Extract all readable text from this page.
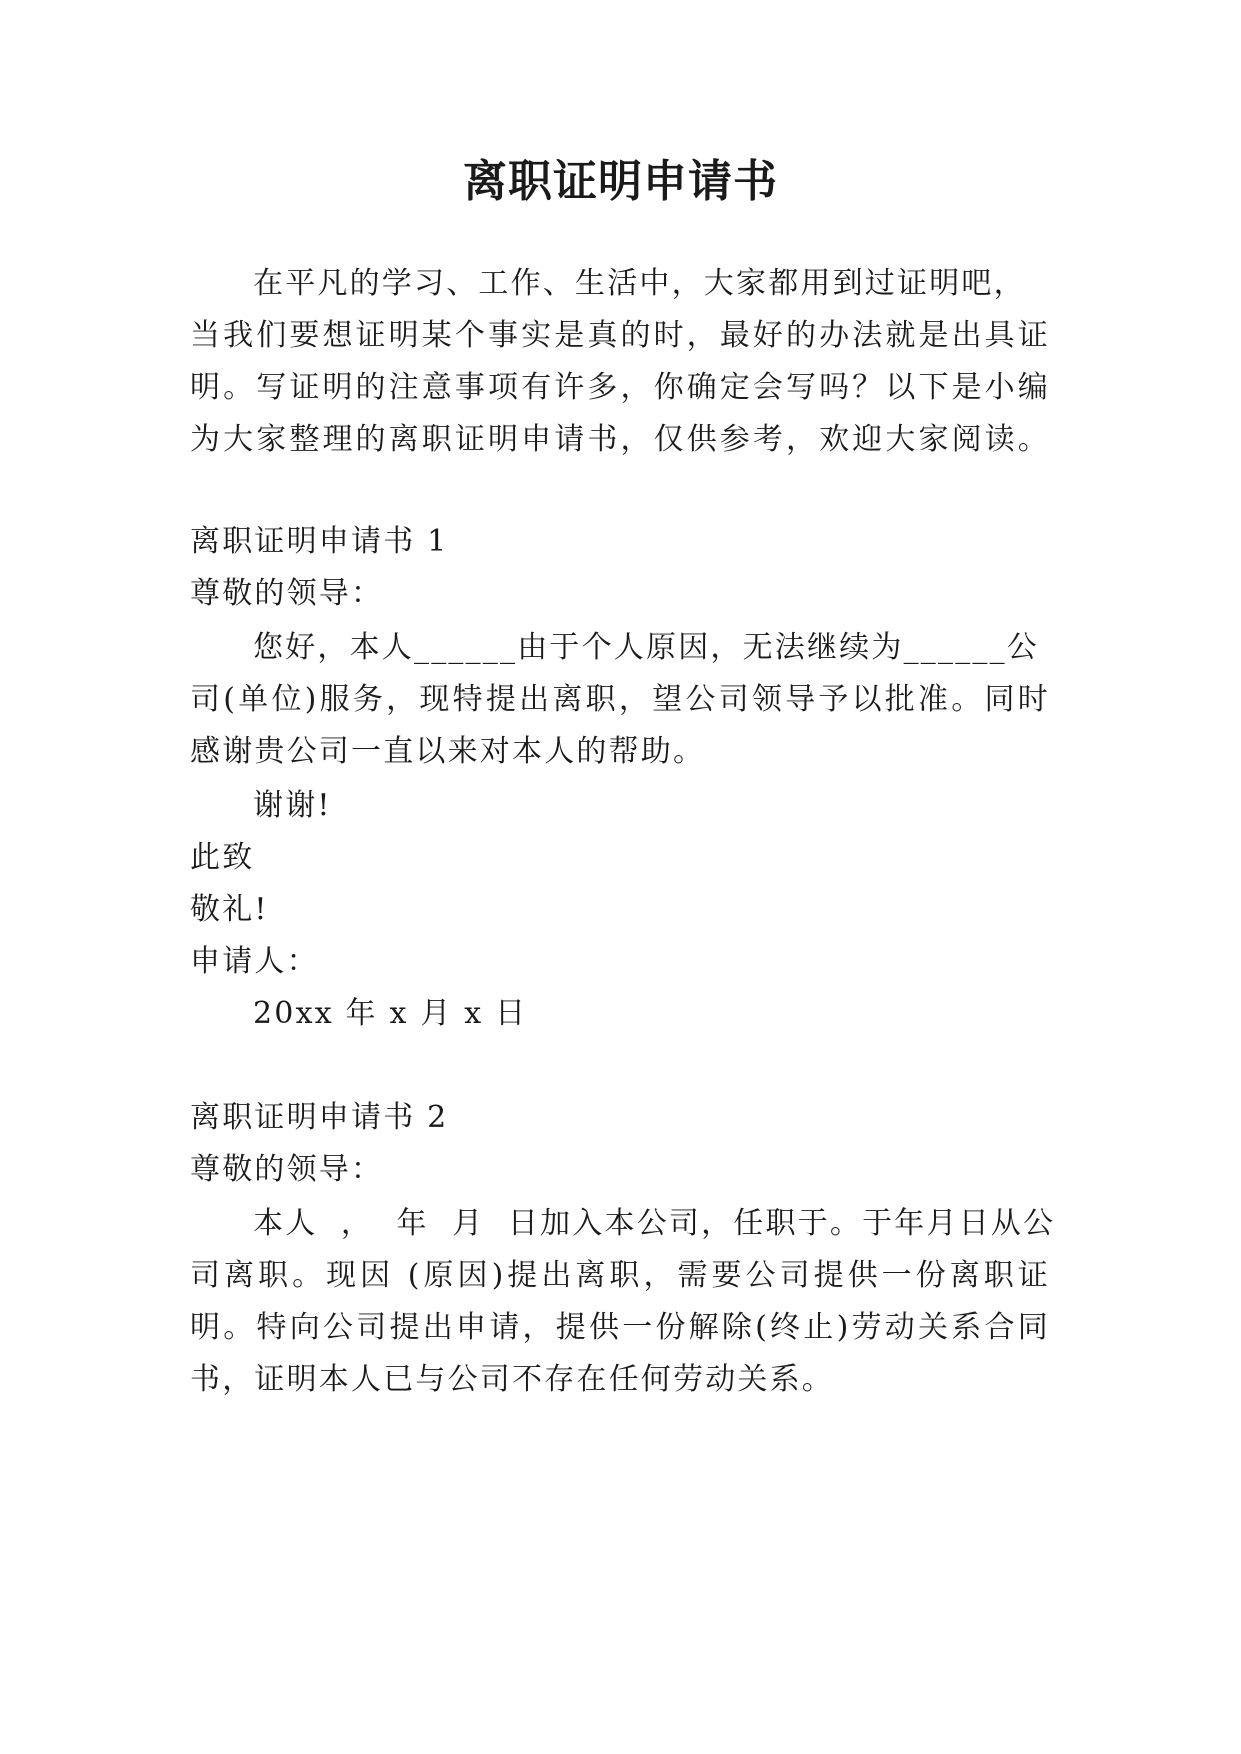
离职证明申请书
在平凡的学习、工作、生活中，大家都用到过证明吧，
当我们要想证明某个事实是真的时，最好的办法就是出具证
明。写证明的注意事项有许多，你确定会写吗？以下是小编
为大家整理的离职证明申请书，仅供参考，欢迎大家阅读。
离职证明申请书 1
尊敬的领导：
您好，本人______由于个人原因，无法继续为______公
司(单位)服务，现特提出离职，望公司领导予以批准。同时
感谢贵公司一直以来对本人的帮助。
谢谢!
此致
敬礼!
申请人：
20xx 年 x 月 x 日
离职证明申请书 2
尊敬的领导：
本人  ，  年  月  日加入本公司，任职于。于年月日从公
司离职。现因 (原因)提出离职，需要公司提供一份离职证
明。特向公司提出申请，提供一份解除(终止)劳动关系合同
书，证明本人已与公司不存在任何劳动关系。
